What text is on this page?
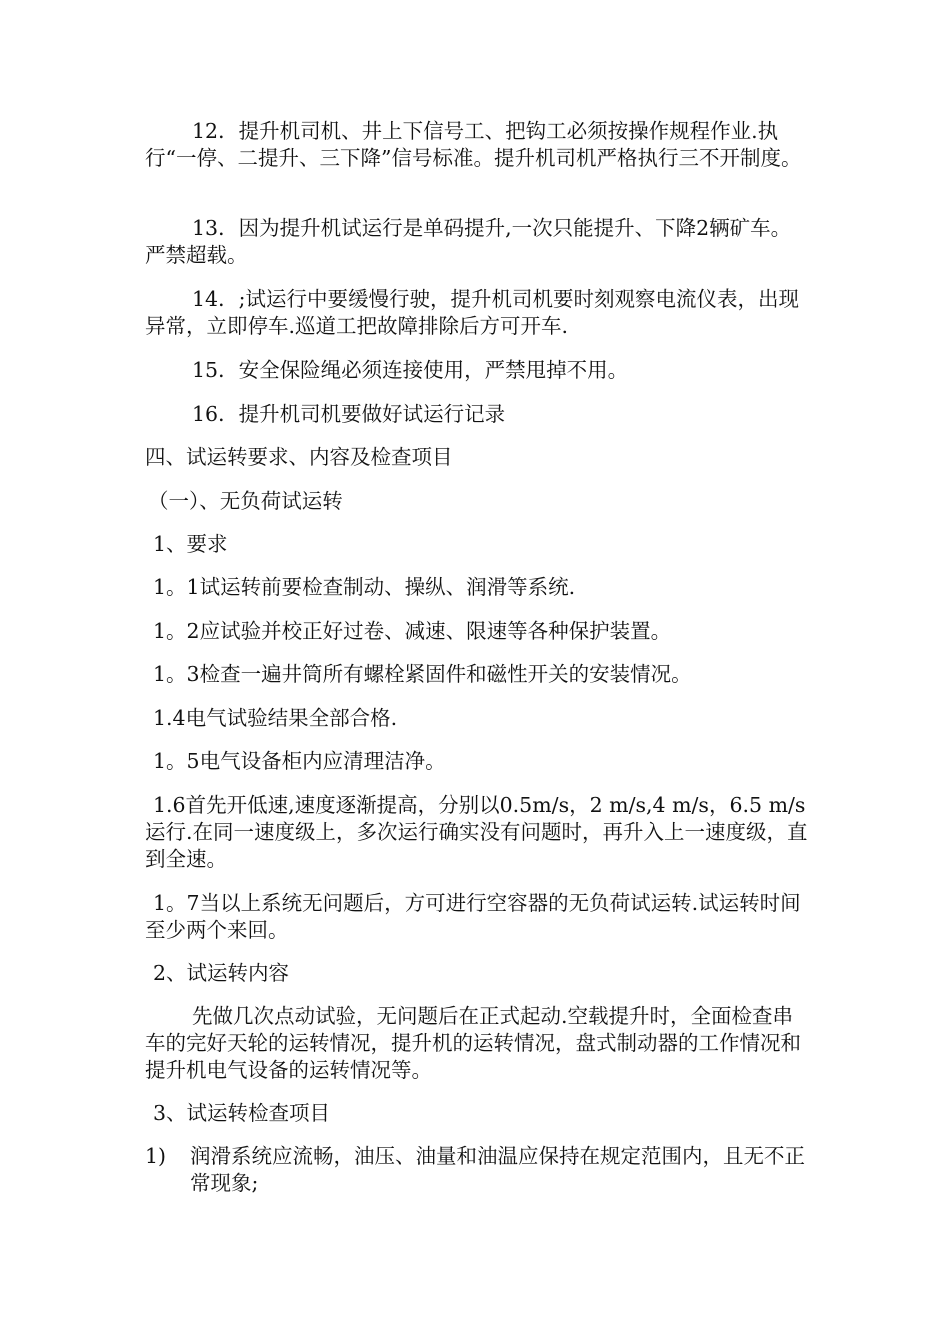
12．提升机司机、井上下信号工、把钩工必须按操作规程作业.执行“一停、二提升、三下降”信号标准。提升机司机严格执行三不开制度。

13．因为提升机试运行是单码提升,一次只能提升、下降2辆矿车。严禁超载。

14．;试运行中要缓慢行驶，提升机司机要时刻观察电流仪表，出现异常，立即停车.巡道工把故障排除后方可开车.

15．安全保险绳必须连接使用，严禁甩掉不用。

16．提升机司机要做好试运行记录

四、试运转要求、内容及检查项目

（一）、无负荷试运转

1、要求

1。1试运转前要检查制动、操纵、润滑等系统.

1。2应试验并校正好过卷、减速、限速等各种保护装置。

1。3检查一遍井筒所有螺栓紧固件和磁性开关的安装情况。

1.4电气试验结果全部合格.

1。5电气设备柜内应清理洁净。

1.6首先开低速,速度逐渐提高，分别以0.5m/s，2 m/s,4 m/s，6.5 m/s运行.在同一速度级上，多次运行确实没有问题时，再升入上一速度级，直到全速。

1。7当以上系统无问题后，方可进行空容器的无负荷试运转.试运转时间至少两个来回。

2、试运转内容

先做几次点动试验，无问题后在正式起动.空载提升时，全面检查串车的完好天轮的运转情况，提升机的运转情况，盘式制动器的工作情况和提升机电气设备的运转情况等。

3、试运转检查项目

1)	润滑系统应流畅，油压、油量和油温应保持在规定范围内，且无不正常现象;
